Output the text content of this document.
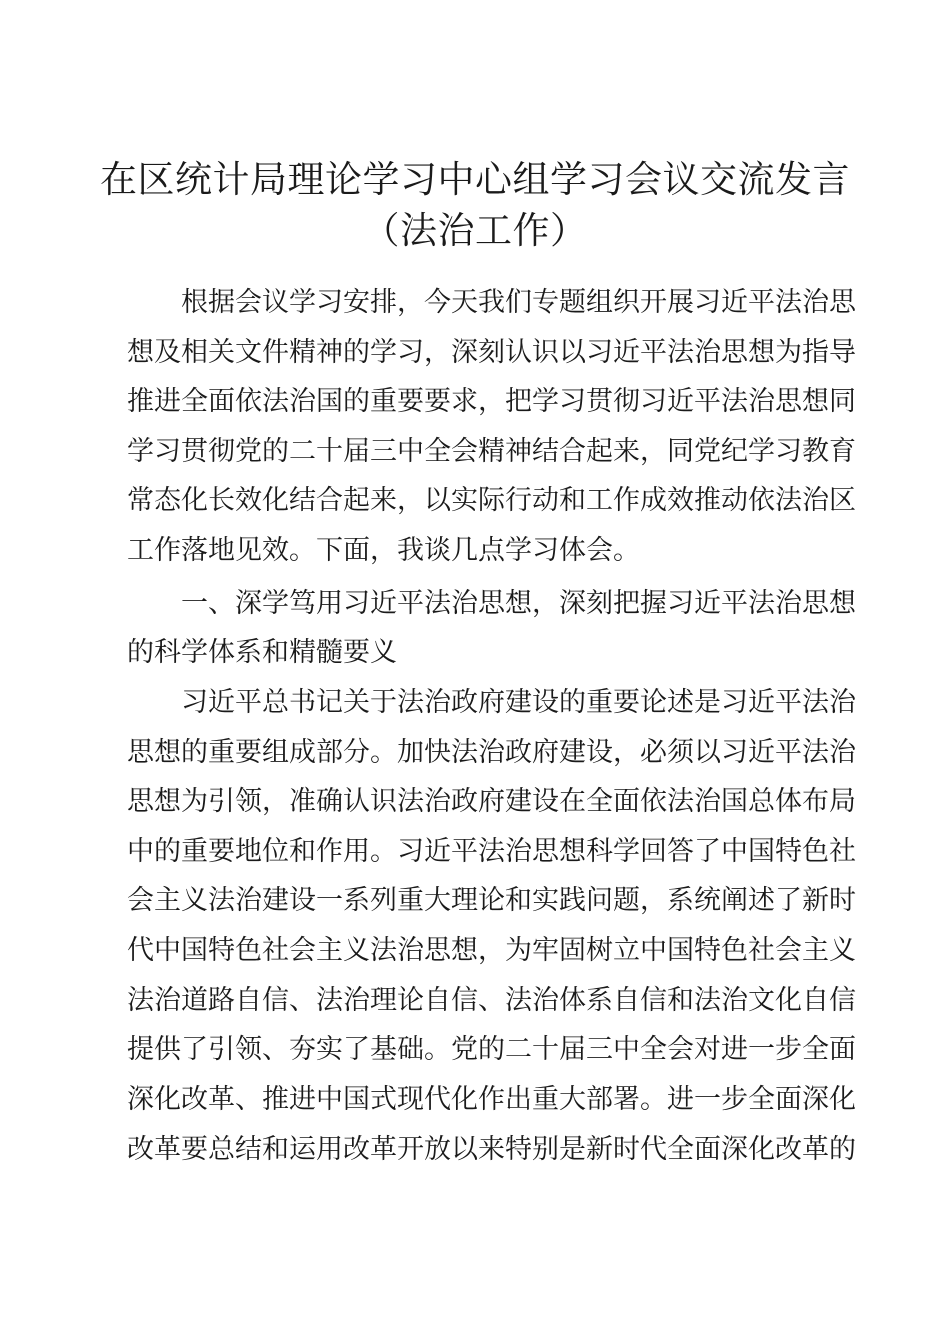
在区统计局理论学习中心组学习会议交流发言
（法治工作）
根据会议学习安排，今天我们专题组织开展习近平法治思
想及相关文件精神的学习，深刻认识以习近平法治思想为指导
推进全面依法治国的重要要求，把学习贯彻习近平法治思想同
学习贯彻党的二十届三中全会精神结合起来，同党纪学习教育
常态化长效化结合起来，以实际行动和工作成效推动依法治区
工作落地见效。下面，我谈几点学习体会。
一、深学笃用习近平法治思想，深刻把握习近平法治思想
的科学体系和精髓要义
习近平总书记关于法治政府建设的重要论述是习近平法治
思想的重要组成部分。加快法治政府建设，必须以习近平法治
思想为引领，准确认识法治政府建设在全面依法治国总体布局
中的重要地位和作用。习近平法治思想科学回答了中国特色社
会主义法治建设一系列重大理论和实践问题，系统阐述了新时
代中国特色社会主义法治思想，为牢固树立中国特色社会主义
法治道路自信、法治理论自信、法治体系自信和法治文化自信
提供了引领、夯实了基础。党的二十届三中全会对进一步全面
深化改革、推进中国式现代化作出重大部署。进一步全面深化
改革要总结和运用改革开放以来特别是新时代全面深化改革的
